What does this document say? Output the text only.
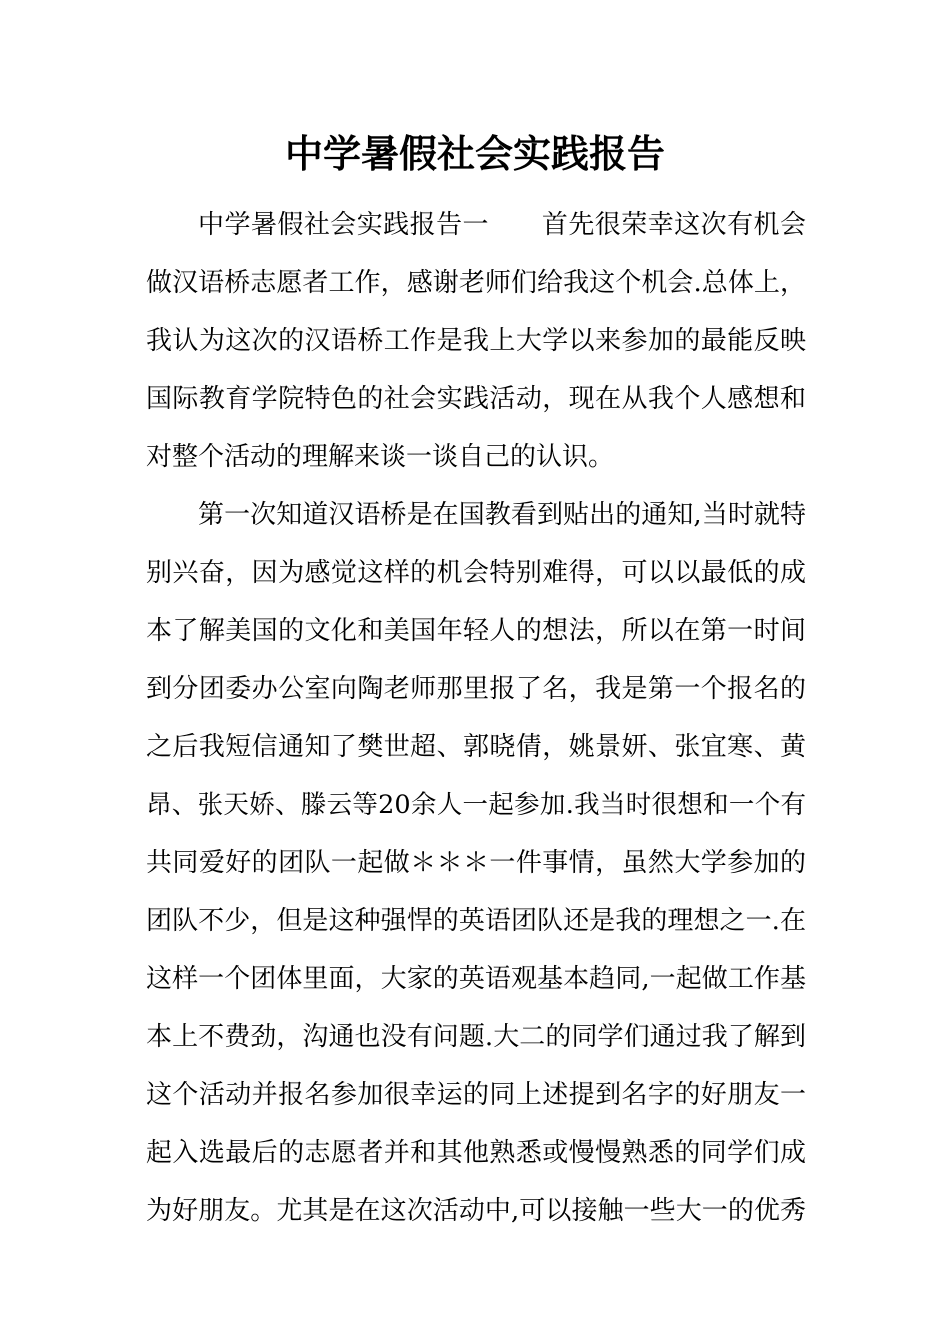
中学暑假社会实践报告
中学暑假社会实践报告一　　首先很荣幸这次有机会
做汉语桥志愿者工作，感谢老师们给我这个机会.总体上，
我认为这次的汉语桥工作是我上大学以来参加的最能反映
国际教育学院特色的社会实践活动，现在从我个人感想和
对整个活动的理解来谈一谈自己的认识。
第一次知道汉语桥是在国教看到贴出的通知,当时就特
别兴奋，因为感觉这样的机会特别难得，可以以最低的成
本了解美国的文化和美国年轻人的想法，所以在第一时间
到分团委办公室向陶老师那里报了名，我是第一个报名的
之后我短信通知了樊世超、郭晓倩，姚景妍、张宜寒、黄
昂、张天娇、滕云等20余人一起参加.我当时很想和一个有
共同爱好的团队一起做＊＊＊一件事情，虽然大学参加的
团队不少，但是这种强悍的英语团队还是我的理想之一.在
这样一个团体里面，大家的英语观基本趋同,一起做工作基
本上不费劲，沟通也没有问题.大二的同学们通过我了解到
这个活动并报名参加很幸运的同上述提到名字的好朋友一
起入选最后的志愿者并和其他熟悉或慢慢熟悉的同学们成
为好朋友。尤其是在这次活动中,可以接触一些大一的优秀
